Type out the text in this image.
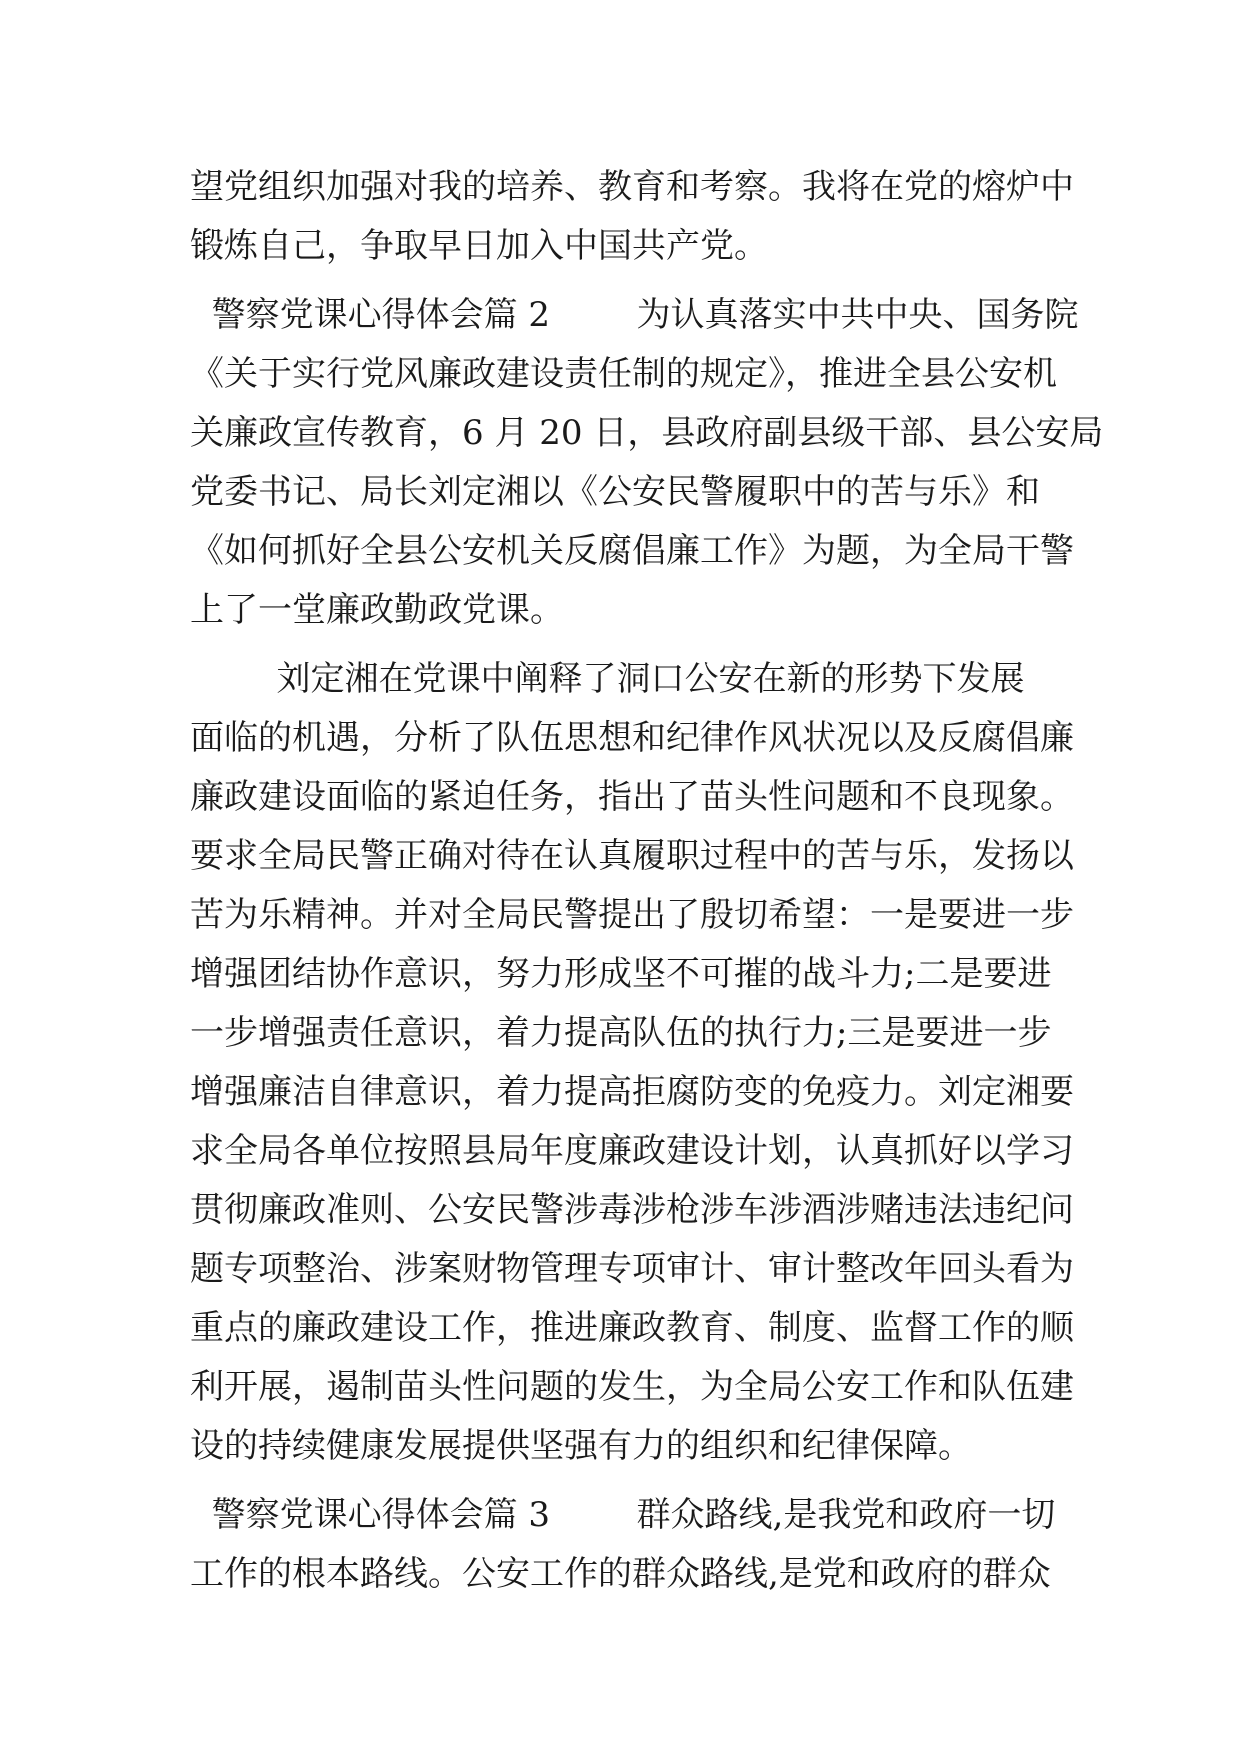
望党组织加强对我的培养、教育和考察。我将在党的熔炉中
锻炼自己，争取早日加入中国共产党。
警察党课心得体会篇 2        为认真落实中共中央、国务院
《关于实行党风廉政建设责任制的规定》，推进全县公安机
关廉政宣传教育，6 月 20 日，县政府副县级干部、县公安局
党委书记、局长刘定湘以《公安民警履职中的苦与乐》和
《如何抓好全县公安机关反腐倡廉工作》为题，为全局干警
上了一堂廉政勤政党课。
刘定湘在党课中阐释了洞口公安在新的形势下发展
面临的机遇，分析了队伍思想和纪律作风状况以及反腐倡廉
廉政建设面临的紧迫任务，指出了苗头性问题和不良现象。
要求全局民警正确对待在认真履职过程中的苦与乐，发扬以
苦为乐精神。并对全局民警提出了殷切希望：一是要进一步
增强团结协作意识，努力形成坚不可摧的战斗力;二是要进
一步增强责任意识，着力提高队伍的执行力;三是要进一步
增强廉洁自律意识，着力提高拒腐防变的免疫力。刘定湘要
求全局各单位按照县局年度廉政建设计划，认真抓好以学习
贯彻廉政准则、公安民警涉毒涉枪涉车涉酒涉赌违法违纪问
题专项整治、涉案财物管理专项审计、审计整改年回头看为
重点的廉政建设工作，推进廉政教育、制度、监督工作的顺
利开展，遏制苗头性问题的发生，为全局公安工作和队伍建
设的持续健康发展提供坚强有力的组织和纪律保障。
警察党课心得体会篇 3        群众路线,是我党和政府一切
工作的根本路线。公安工作的群众路线,是党和政府的群众
